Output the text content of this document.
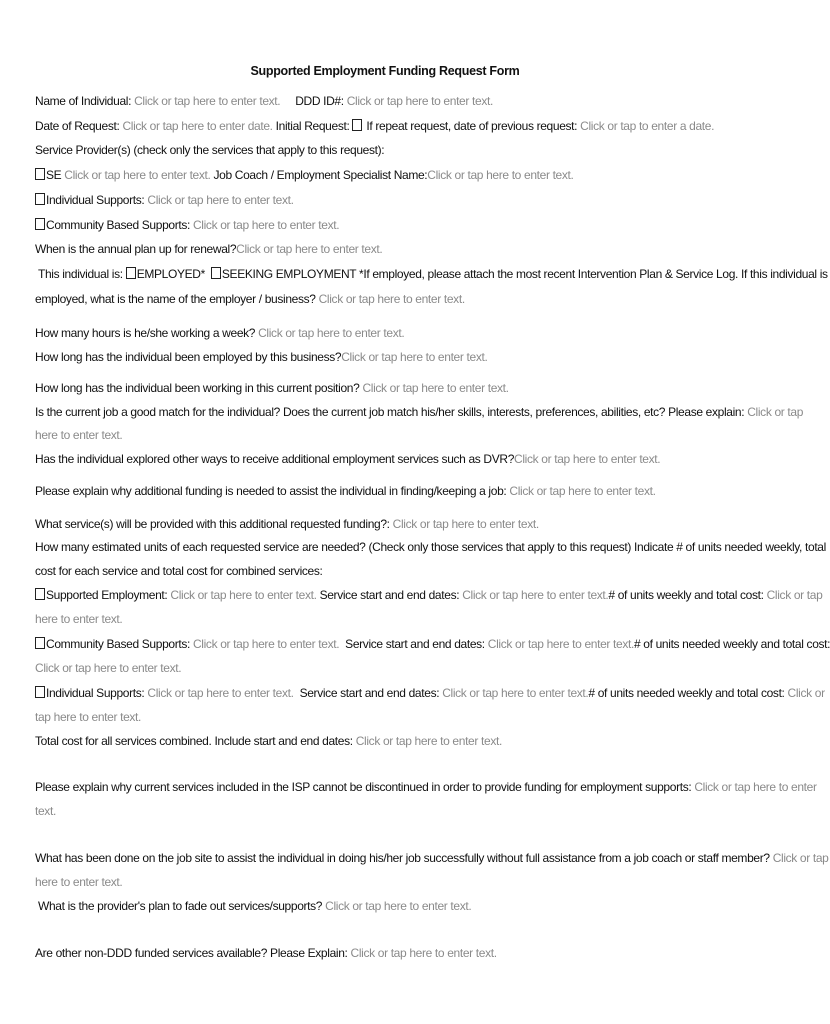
Supported Employment Funding Request Form
Name of Individual: Click or tap here to enter text. DDD ID#: Click or tap here to enter text.
Date of Request: Click or tap here to enter date. Initial Request: If repeat request, date of previous request: Click or tap to enter a date.
Service Provider(s) (check only the services that apply to this request):
SE Click or tap here to enter text. Job Coach / Employment Specialist Name:Click or tap here to enter text.
Individual Supports: Click or tap here to enter text.
Community Based Supports: Click or tap here to enter text.
When is the annual plan up for renewal?Click or tap here to enter text.
This individual is: EMPLOYED* SEEKING EMPLOYMENT *If employed, please attach the most recent Intervention Plan & Service Log. If this individual is
employed, what is the name of the employer / business? Click or tap here to enter text.
How many hours is he/she working a week? Click or tap here to enter text.
How long has the individual been employed by this business?Click or tap here to enter text.
How long has the individual been working in this current position? Click or tap here to enter text.
Is the current job a good match for the individual? Does the current job match his/her skills, interests, preferences, abilities, etc? Please explain: Click or tap
here to enter text.
Has the individual explored other ways to receive additional employment services such as DVR?Click or tap here to enter text.
Please explain why additional funding is needed to assist the individual in finding/keeping a job: Click or tap here to enter text.
What service(s) will be provided with this additional requested funding?: Click or tap here to enter text.
How many estimated units of each requested service are needed? (Check only those services that apply to this request) Indicate # of units needed weekly, total
cost for each service and total cost for combined services:
Supported Employment: Click or tap here to enter text. Service start and end dates: Click or tap here to enter text.# of units weekly and total cost: Click or tap
here to enter text.
Community Based Supports: Click or tap here to enter text. Service start and end dates: Click or tap here to enter text.# of units needed weekly and total cost:
Click or tap here to enter text.
Individual Supports: Click or tap here to enter text. Service start and end dates: Click or tap here to enter text.# of units needed weekly and total cost: Click or
tap here to enter text.
Total cost for all services combined. Include start and end dates: Click or tap here to enter text.
Please explain why current services included in the ISP cannot be discontinued in order to provide funding for employment supports: Click or tap here to enter
text.
What has been done on the job site to assist the individual in doing his/her job successfully without full assistance from a job coach or staff member? Click or tap
here to enter text.
What is the provider's plan to fade out services/supports? Click or tap here to enter text.
Are other non-DDD funded services available? Please Explain: Click or tap here to enter text.
